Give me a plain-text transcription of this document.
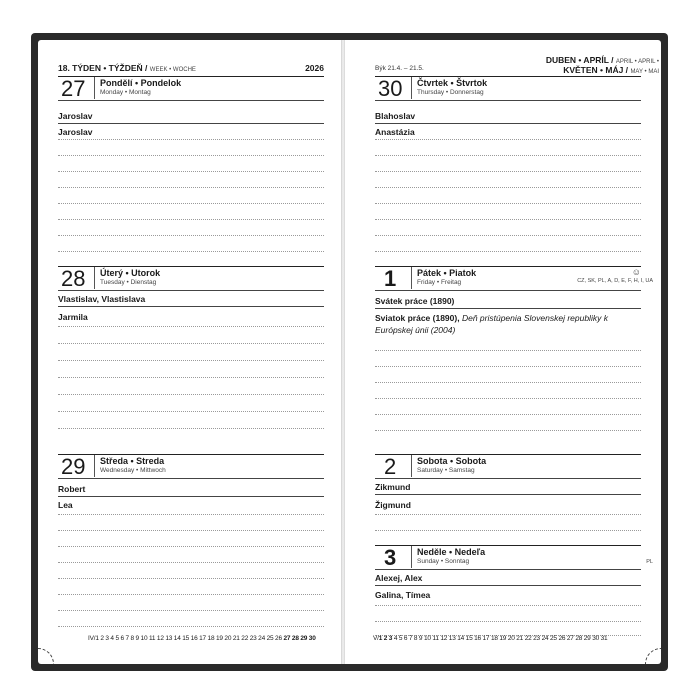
18. TÝDEN • TÝŽDEŇ / WEEK • WOCHE	2026
27 Pondělí • Pondelok
Monday • Montag
Jaroslav
Jaroslav
28 Úterý • Utorok
Tuesday • Dienstag
Vlastislav, Vlastislava
Jarmila
29 Středa • Streda
Wednesday • Mittwoch
Robert
Lea
IV/1 2 3 4 5 6 7 8 9 10 11 12 13 14 15 16 17 18 19 20 21 22 23 24 25 26 27 28 29 30
Býk 21.4. – 21.5.
DUBEN • APRÍL / APRIL • APRIL •
KVĚTEN • MÁJ / MAY • MAI
30 Čtvrtek • Štvrtok
Thursday • Donnerstag
Blahoslav
Anastázia
1 Pátek • Piatok
Friday • Freitag
☺
CZ, SK, PL, A, D, E, F, H, I, UA
Svátek práce (1890)
Sviatok práce (1890), Deň pristúpenia Slovenskej republiky k Európskej únii (2004)
2 Sobota • Sobota
Saturday • Samstag
Zikmund
Žigmund
3 Neděle • Nedeľa
Sunday • Sonntag	PL
Alexej, Alex
Galina, Tímea
V/1 2 3 4 5 6 7 8 9 10 11 12 13 14 15 16 17 18 19 20 21 22 23 24 25 26 27 28 29 30 31
